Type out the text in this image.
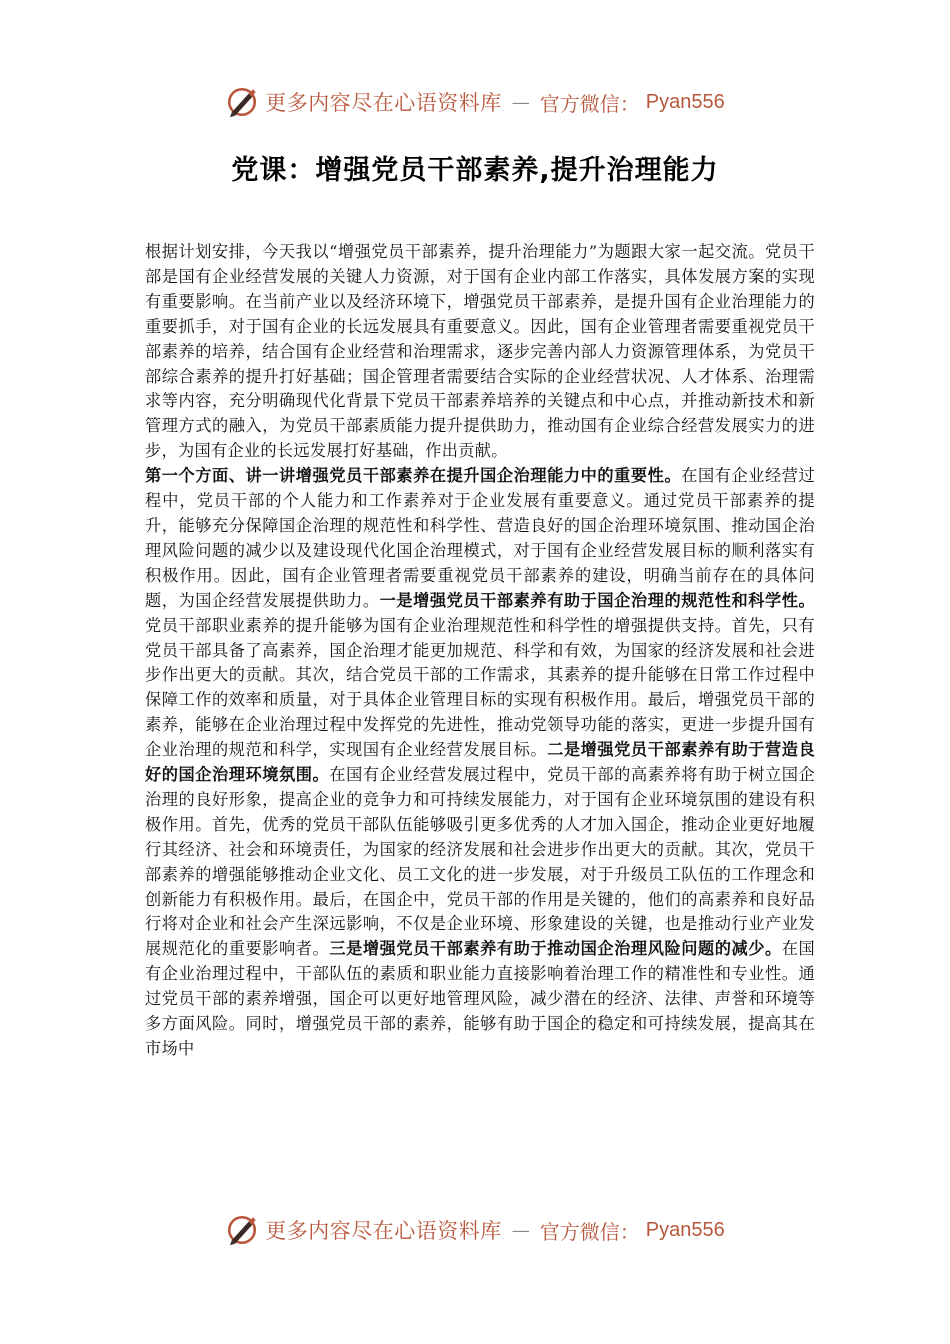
更多内容尽在心语资料库 — 官方微信： Pyan556
党课：增强党员干部素养,提升治理能力

根据计划安排，今天我以“增强党员干部素养，提升治理能力”为题跟大家一起交流。党员干部是国有企业经营发展的关键人力资源，对于国有企业内部工作落实，具体发展方案的实现有重要影响。在当前产业以及经济环境下，增强党员干部素养，是提升国有企业治理能力的重要抓手，对于国有企业的长远发展具有重要意义。因此，国有企业管理者需要重视党员干部素养的培养，结合国有企业经营和治理需求，逐步完善内部人力资源管理体系，为党员干部综合素养的提升打好基础；国企管理者需要结合实际的企业经营状况、人才体系、治理需求等内容，充分明确现代化背景下党员干部素养培养的关键点和中心点，并推动新技术和新管理方式的融入，为党员干部素质能力提升提供助力，推动国有企业综合经营发展实力的进步，为国有企业的长远发展打好基础，作出贡献。

第一个方面、讲一讲增强党员干部素养在提升国企治理能力中的重要性。在国有企业经营过程中，党员干部的个人能力和工作素养对于企业发展有重要意义。通过党员干部素养的提升，能够充分保障国企治理的规范性和科学性、营造良好的国企治理环境氛围、推动国企治理风险问题的减少以及建设现代化国企治理模式，对于国有企业经营发展目标的顺利落实有积极作用。因此，国有企业管理者需要重视党员干部素养的建设，明确当前存在的具体问题，为国企经营发展提供助力。一是增强党员干部素养有助于国企治理的规范性和科学性。党员干部职业素养的提升能够为国有企业治理规范性和科学性的增强提供支持。首先，只有党员干部具备了高素养，国企治理才能更加规范、科学和有效，为国家的经济发展和社会进步作出更大的贡献。其次，结合党员干部的工作需求，其素养的提升能够在日常工作过程中保障工作的效率和质量，对于具体企业管理目标的实现有积极作用。最后，增强党员干部的素养，能够在企业治理过程中发挥党的先进性，推动党领导功能的落实，更进一步提升国有企业治理的规范和科学，实现国有企业经营发展目标。二是增强党员干部素养有助于营造良好的国企治理环境氛围。在国有企业经营发展过程中，党员干部的高素养将有助于树立国企治理的良好形象，提高企业的竞争力和可持续发展能力，对于国有企业环境氛围的建设有积极作用。首先，优秀的党员干部队伍能够吸引更多优秀的人才加入国企，推动企业更好地履行其经济、社会和环境责任，为国家的经济发展和社会进步作出更大的贡献。其次，党员干部素养的增强能够推动企业文化、员工文化的进一步发展，对于升级员工队伍的工作理念和创新能力有积极作用。最后，在国企中，党员干部的作用是关键的，他们的高素养和良好品行将对企业和社会产生深远影响，不仅是企业环境、形象建设的关键，也是推动行业产业发展规范化的重要影响者。三是增强党员干部素养有助于推动国企治理风险问题的减少。在国有企业治理过程中，干部队伍的素质和职业能力直接影响着治理工作的精准性和专业性。通过党员干部的素养增强，国企可以更好地管理风险，减少潜在的经济、法律、声誉和环境等多方面风险。同时，增强党员干部的素养，能够有助于国企的稳定和可持续发展，提高其在市场中

更多内容尽在心语资料库 — 官方微信： Pyan556
